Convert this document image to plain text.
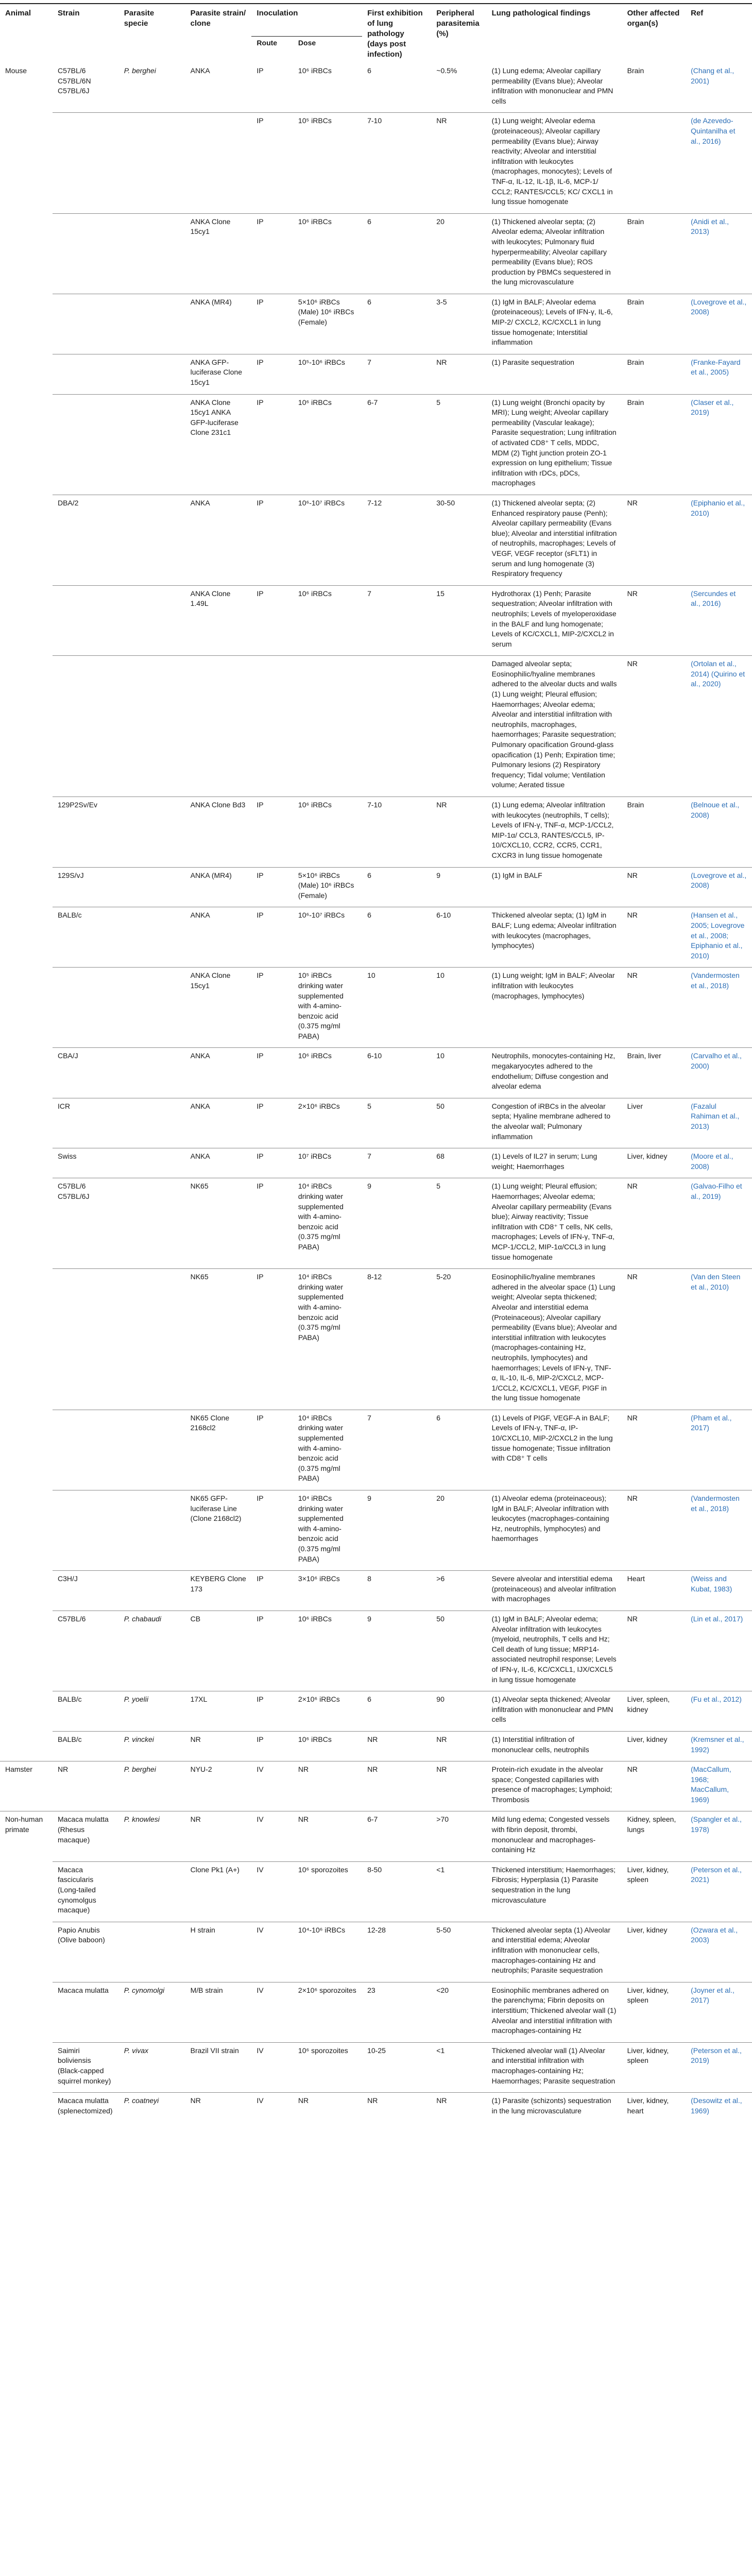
Animal	Strain	Parasite specie	Parasite strain/ clone	Inoculation		First exhibition of lung pathology (days post infection)	Peripheral parasitemia (%)	Lung pathological findings	Other affected organ(s)	Ref
				Route	Dose					
Mouse	C57BL/6 C57BL/6N C57BL/6J	P. berghei	ANKA	IP	10⁶ iRBCs	6	~0.5%	(1) Lung edema; Alveolar capillary permeability (Evans blue); Alveolar infiltration with mononuclear and PMN cells	Brain	(Chang et al., 2001)
				IP	10⁵ iRBCs	7-10	NR	(1) Lung weight; Alveolar edema (proteinaceous); Alveolar capillary permeability (Evans blue); Airway reactivity; Alveolar and interstitial infiltration with leukocytes (macrophages, monocytes); Levels of TNF-α, IL-12, IL-1β, IL-6, MCP-1/ CCL2; RANTES/CCL5; KC/ CXCL1 in lung tissue homogenate		(de Azevedo-Quintanilha et al., 2016)
			ANKA Clone 15cy1	IP	10⁶ iRBCs	6	20	(1) Thickened alveolar septa; (2) Alveolar edema; Alveolar infiltration with leukocytes; Pulmonary fluid hyperpermeability; Alveolar capillary permeability (Evans blue); ROS production by PBMCs sequestered in the lung microvasculature	Brain	(Anidi et al., 2013)
			ANKA (MR4)	IP	5×10⁶ iRBCs (Male) 10⁶ iRBCs (Female)	6	3-5	(1) IgM in BALF; Alveolar edema (proteinaceous); Levels of IFN-γ, IL-6, MIP-2/ CXCL2, KC/CXCL1 in lung tissue homogenate; Interstitial inflammation	Brain	(Lovegrove et al., 2008)
			ANKA GFP-luciferase Clone 15cy1	IP	10⁵-10⁶ iRBCs	7	NR	(1) Parasite sequestration	Brain	(Franke-Fayard et al., 2005)
			ANKA Clone 15cy1 ANKA GFP-luciferase Clone 231c1	IP	10⁶ iRBCs	6-7	5	(1) Lung weight (Bronchi opacity by MRI); Lung weight; Alveolar capillary permeability (Vascular leakage); Parasite sequestration; Lung infiltration of activated CD8⁺ T cells, MDDC, MDM (2) Tight junction protein ZO-1 expression on lung epithelium; Tissue infiltration with rDCs, pDCs, macrophages	Brain	(Claser et al., 2019)
	DBA/2		ANKA	IP	10⁶-10⁷ iRBCs	7-12	30-50	(1) Thickened alveolar septa; (2) Enhanced respiratory pause (Penh); Alveolar capillary permeability (Evans blue); Alveolar and interstitial infiltration of neutrophils, macrophages; Levels of VEGF, VEGF receptor (sFLT1) in serum and lung homogenate (3) Respiratory frequency	NR	(Epiphanio et al., 2010)
			ANKA Clone 1.49L	IP	10⁶ iRBCs	7	15	Hydrothorax (1) Penh; Parasite sequestration; Alveolar infiltration with neutrophils; Levels of myeloperoxidase in the BALF and lung homogenate; Levels of KC/CXCL1, MIP-2/CXCL2 in serum	NR	(Sercundes et al., 2016)
								Damaged alveolar septa; Eosinophilic/hyaline membranes adhered to the alveolar ducts and walls (1) Lung weight; Pleural effusion; Haemorrhages; Alveolar edema; Alveolar and interstitial infiltration with neutrophils, macrophages, haemorrhages; Parasite sequestration; Pulmonary opacification Ground-glass opacification (1) Penh; Expiration time; Pulmonary lesions (2) Respiratory frequency; Tidal volume; Ventilation volume; Aerated tissue	NR	(Ortolan et al., 2014) (Quirino et al., 2020)
	129P2Sv/Ev		ANKA Clone Bd3	IP	10⁶ iRBCs	7-10	NR	(1) Lung edema; Alveolar infiltration with leukocytes (neutrophils, T cells); Levels of IFN-γ, TNF-α, MCP-1/CCL2, MIP-1α/ CCL3, RANTES/CCL5, IP-10/CXCL10, CCR2, CCR5, CCR1, CXCR3 in lung tissue homogenate	Brain	(Belnoue et al., 2008)
	129S/vJ		ANKA (MR4)	IP	5×10⁶ iRBCs (Male) 10⁶ iRBCs (Female)	6	9	(1) IgM in BALF	NR	(Lovegrove et al., 2008)
	BALB/c		ANKA	IP	10⁶-10⁷ iRBCs	6	6-10	Thickened alveolar septa; (1) IgM in BALF; Lung edema; Alveolar infiltration with leukocytes (macrophages, lymphocytes)	NR	(Hansen et al., 2005; Lovegrove et al., 2008; Epiphanio et al., 2010)
			ANKA Clone 15cy1	IP	10⁵ iRBCs drinking water supplemented with 4-amino-benzoic acid (0.375 mg/ml PABA)	10	10	(1) Lung weight; IgM in BALF; Alveolar infiltration with leukocytes (macrophages, lymphocytes)	NR	(Vandermosten et al., 2018)
	CBA/J		ANKA	IP	10⁶ iRBCs	6-10	10	Neutrophils, monocytes-containing Hz, megakaryocytes adhered to the endothelium; Diffuse congestion and alveolar edema	Brain, liver	(Carvalho et al., 2000)
	ICR		ANKA	IP	2×10⁶ iRBCs	5	50	Congestion of iRBCs in the alveolar septa; Hyaline membrane adhered to the alveolar wall; Pulmonary inflammation	Liver	(Fazalul Rahiman et al., 2013)
	Swiss		ANKA	IP	10⁷ iRBCs	7	68	(1) Levels of IL27 in serum; Lung weight; Haemorrhages	Liver, kidney	(Moore et al., 2008)
	C57BL/6 C57BL/6J		NK65	IP	10⁴ iRBCs drinking water supplemented with 4-amino-benzoic acid (0.375 mg/ml PABA)	9	5	(1) Lung weight; Pleural effusion; Haemorrhages; Alveolar edema; Alveolar capillary permeability (Evans blue); Airway reactivity; Tissue infiltration with CD8⁺ T cells, NK cells, macrophages; Levels of IFN-γ, TNF-α, MCP-1/CCL2, MIP-1α/CCL3 in lung tissue homogenate	NR	(Galvao-Filho et al., 2019)
			NK65	IP	10⁴ iRBCs drinking water supplemented with 4-amino-benzoic acid (0.375 mg/ml PABA)	8-12	5-20	Eosinophilic/hyaline membranes adhered in the alveolar space (1) Lung weight; Alveolar septa thickened; Alveolar and interstitial edema (Proteinaceous); Alveolar capillary permeability (Evans blue); Alveolar and interstitial infiltration with leukocytes (macrophages-containing Hz, neutrophils, lymphocytes) and haemorrhages; Levels of IFN-γ, TNF-α, IL-10, IL-6, MIP-2/CXCL2, MCP-1/CCL2, KC/CXCL1, VEGF, PIGF in the lung tissue homogenate	NR	(Van den Steen et al., 2010)
			NK65 Clone 2168cl2	IP	10⁴ iRBCs drinking water supplemented with 4-amino-benzoic acid (0.375 mg/ml PABA)	7	6	(1) Levels of PIGF, VEGF-A in BALF; Levels of IFN-γ, TNF-α, IP-10/CXCL10, MIP-2/CXCL2 in the lung tissue homogenate; Tissue infiltration with CD8⁺ T cells	NR	(Pham et al., 2017)
			NK65 GFP-luciferase Line (Clone 2168cl2)	IP	10⁴ iRBCs drinking water supplemented with 4-amino-benzoic acid (0.375 mg/ml PABA)	9	20	(1) Alveolar edema (proteinaceous); IgM in BALF; Alveolar infiltration with leukocytes (macrophages-containing Hz, neutrophils, lymphocytes) and haemorrhages	NR	(Vandermosten et al., 2018)
	C3H/J		KEYBERG Clone 173	IP	3×10⁶ iRBCs	8	>6	Severe alveolar and interstitial edema (proteinaceous) and alveolar infiltration with macrophages	Heart	(Weiss and Kubat, 1983)
	C57BL/6	P. chabaudi	CB	IP	10⁶ iRBCs	9	50	(1) IgM in BALF; Alveolar edema; Alveolar infiltration with leukocytes (myeloid, neutrophils, T cells and Hz; Cell death of lung tissue; MRP14-associated neutrophil response; Levels of IFN-γ, IL-6, KC/CXCL1, IJX/CXCL5 in lung tissue homogenate	NR	(Lin et al., 2017)
	BALB/c	P. yoelii	17XL	IP	2×10⁶ iRBCs	6	90	(1) Alveolar septa thickened; Alveolar infiltration with mononuclear and PMN cells	Liver, spleen, kidney	(Fu et al., 2012)
	BALB/c	P. vinckei	NR	IP	10⁶ iRBCs	NR	NR	(1) Interstitial infiltration of mononuclear cells, neutrophils	Liver, kidney	(Kremsner et al., 1992)
Hamster	NR	P. berghei	NYU-2	IV	NR	NR	NR	Protein-rich exudate in the alveolar space; Congested capillaries with presence of macrophages; Lymphoid; Thrombosis	NR	(MacCallum, 1968; MacCallum, 1969)
Non-human primate	Macaca mulatta (Rhesus macaque)	P. knowlesi	NR	IV	NR	6-7	>70	Mild lung edema; Congested vessels with fibrin deposit, thrombi, mononuclear and macrophages-containing Hz	Kidney, spleen, lungs	(Spangler et al., 1978)
	Macaca fascicularis (Long-tailed cynomolgus macaque)		Clone Pk1 (A+)	IV	10⁶ sporozoites	8-50	<1	Thickened interstitium; Haemorrhages; Fibrosis; Hyperplasia (1) Parasite sequestration in the lung microvasculature	Liver, kidney, spleen	(Peterson et al., 2021)
	Papio Anubis (Olive baboon)		H strain	IV	10⁴-10⁶ iRBCs	12-28	5-50	Thickened alveolar septa (1) Alveolar and interstitial edema; Alveolar infiltration with mononuclear cells, macrophages-containing Hz and neutrophils; Parasite sequestration	Liver, kidney	(Ozwara et al., 2003)
	Macaca mulatta	P. cynomolgi	M/B strain	IV	2×10⁶ sporozoites	23	<20	Eosinophilic membranes adhered on the parenchyma; Fibrin deposits on interstitium; Thickened alveolar wall (1) Alveolar and interstitial infiltration with macrophages-containing Hz	Liver, kidney, spleen	(Joyner et al., 2017)
	Saimiri boliviensis (Black-capped squirrel monkey)	P. vivax	Brazil VII strain	IV	10⁶ sporozoites	10-25	<1	Thickened alveolar wall (1) Alveolar and interstitial infiltration with macrophages-containing Hz; Haemorrhages; Parasite sequestration	Liver, kidney, spleen	(Peterson et al., 2019)
	Macaca mulatta (splenectomized)	P. coatneyi	NR	IV	NR	NR	NR	(1) Parasite (schizonts) sequestration in the lung microvasculature	Liver, kidney, heart	(Desowitz et al., 1969)
